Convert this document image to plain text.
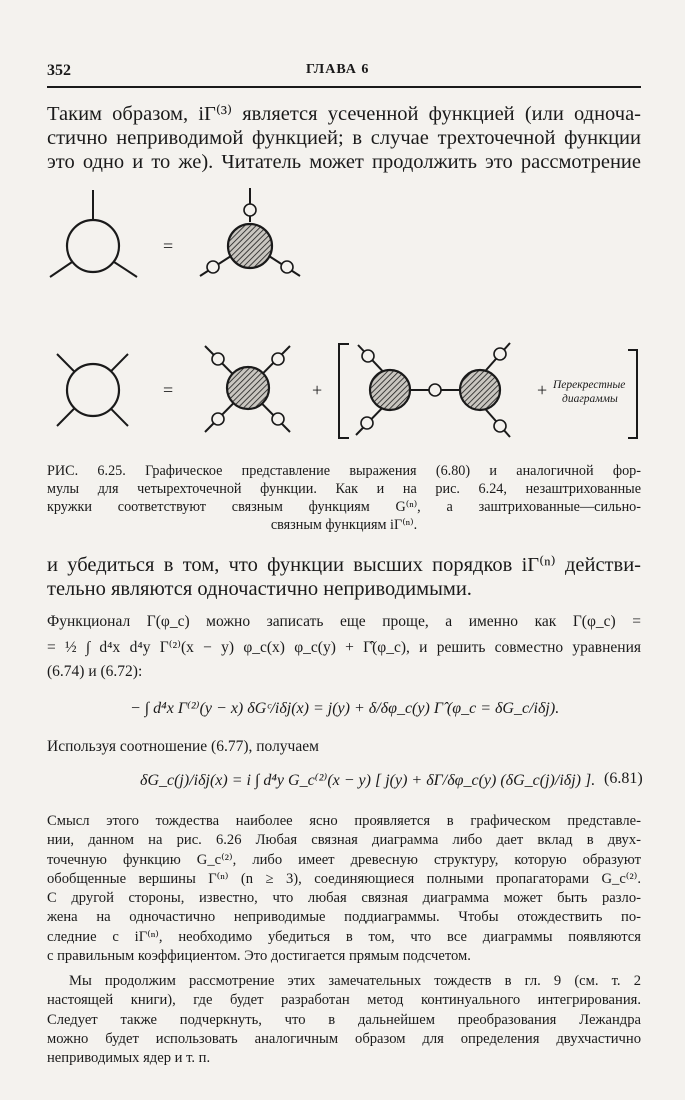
352	ГЛАВА 6
Таким образом, iΓ⁽³⁾ является усеченной функцией (или одноча-
стично неприводимой функцией; в случае трехточечной функции
это одно и то же). Читатель может продолжить это рассмотрение
=
=	+	+ Перекрестные
диаграммы
РИС. 6.25. Графическое представление выражения (6.80) и аналогичной фор-
мулы для четырехточечной функции. Как и на рис. 6.24, незаштрихованные
кружки соответствуют связным функциям G⁽ⁿ⁾, а заштрихованные—сильно-
связным функциям iΓ⁽ⁿ⁾.
и убедиться в том, что функции высших порядков iΓ⁽ⁿ⁾ действи-
тельно являются одночастично неприводимыми.
Функционал Γ(φ_c) можно записать еще проще, а именно как Γ(φ_c) =
= ½ ∫ d⁴x d⁴y Γ⁽²⁾(x − y) φ_c(x) φ_c(y) + Γ̂(φ_c), и решить совместно уравнения
(6.74) и (6.72):
− ∫ d⁴x Γ⁽²⁾(y − x) δGᶜ/iδj(x) = j(y) + δ/δφ_c(y) Γ̂ (φ_c = δG_c/iδj).
Используя соотношение (6.77), получаем
δG_c(j)/iδj(x) = i ∫ d⁴y G_c⁽²⁾(x − y) [ j(y) + δΓ/δφ_c(y) (δG_c(j)/iδj) ]. (6.81)
Смысл этого тождества наиболее ясно проявляется в графическом представле-
нии, данном на рис. 6.26 Любая связная диаграмма либо дает вклад в двух-
точечную функцию G_c⁽²⁾, либо имеет древесную структуру, которую образуют
обобщенные вершины Γ⁽ⁿ⁾ (n ≥ 3), соединяющиеся полными пропагаторами G_c⁽²⁾.
С другой стороны, известно, что любая связная диаграмма может быть разло-
жена на одночастично неприводимые поддиаграммы. Чтобы отождествить по-
следние с iΓ⁽ⁿ⁾, необходимо убедиться в том, что все диаграммы появляются
с правильным коэффициентом. Это достигается прямым подсчетом.
Мы продолжим рассмотрение этих замечательных тождеств в гл. 9 (см. т. 2
настоящей книги), где будет разработан метод континуального интегрирования.
Следует также подчеркнуть, что в дальнейшем преобразования Лежандра
можно будет использовать аналогичным образом для определения двухчастично
неприводимых ядер и т. п.
